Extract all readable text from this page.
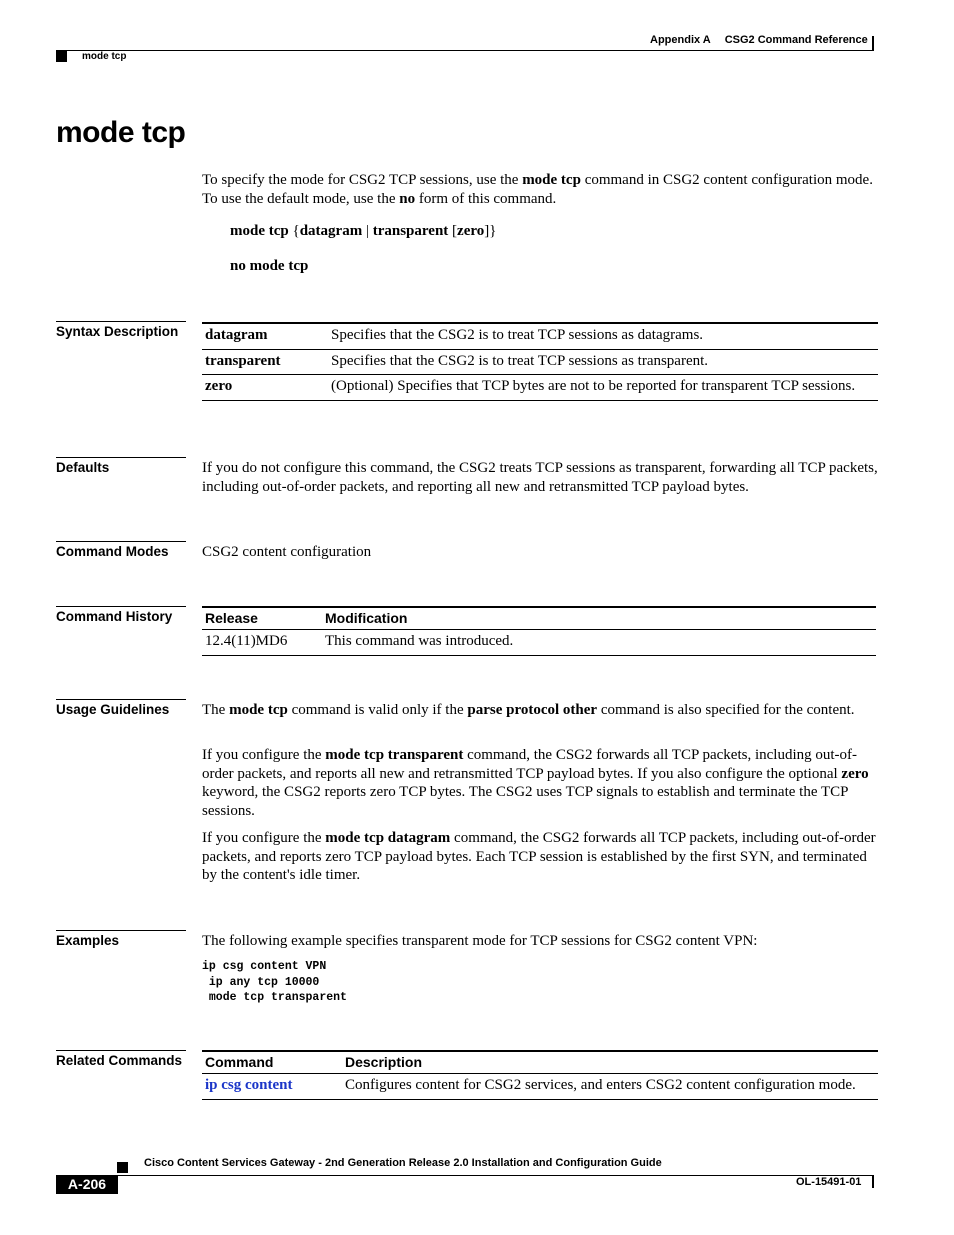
Appendix A CSG2 Command Reference
mode tcp
mode tcp
To specify the mode for CSG2 TCP sessions, use the mode tcp command in CSG2 content configuration mode. To use the default mode, use the no form of this command.
mode tcp {datagram | transparent [zero]}
no mode tcp
Syntax Description	datagram	Specifies that the CSG2 is to treat TCP sessions as datagrams.
transparent	Specifies that the CSG2 is to treat TCP sessions as transparent.
zero	(Optional) Specifies that TCP bytes are not to be reported for transparent TCP sessions.
Defaults	If you do not configure this command, the CSG2 treats TCP sessions as transparent, forwarding all TCP packets, including out-of-order packets, and reporting all new and retransmitted TCP payload bytes.
Command Modes	CSG2 content configuration
Command History	Release	Modification
12.4(11)MD6	This command was introduced.
Usage Guidelines	The mode tcp command is valid only if the parse protocol other command is also specified for the content.
If you configure the mode tcp transparent command, the CSG2 forwards all TCP packets, including out-of-order packets, and reports all new and retransmitted TCP payload bytes. If you also configure the optional zero keyword, the CSG2 reports zero TCP bytes. The CSG2 uses TCP signals to establish and terminate the TCP sessions.
If you configure the mode tcp datagram command, the CSG2 forwards all TCP packets, including out-of-order packets, and reports zero TCP payload bytes. Each TCP session is established by the first SYN, and terminated by the content's idle timer.
Examples	The following example specifies transparent mode for TCP sessions for CSG2 content VPN:
ip csg content VPN
ip any tcp 10000
mode tcp transparent
Related Commands Command	Description
ip csg content	Configures content for CSG2 services, and enters CSG2 content configuration mode.
Cisco Content Services Gateway - 2nd Generation Release 2.0 Installation and Configuration Guide
A-206	OL-15491-01
